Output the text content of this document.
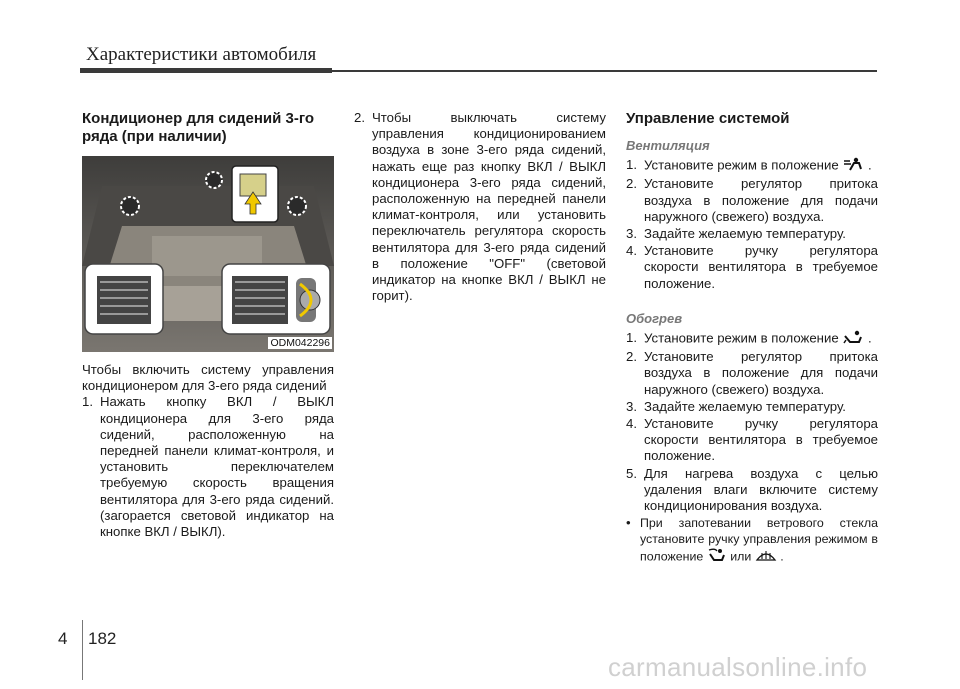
Характеристики автомобиля
Кондиционер для сидений 3-го ряда (при наличии)
ODM042296

Чтобы включить систему управления кондиционером для 3-его ряда сидений

1. Нажать кнопку ВКЛ / ВЫКЛ кондиционера для 3-его ряда сидений, расположенную на передней панели климат-контроля, и установить переключателем требуемую скорость вращения вентилятора для 3-его ряда сидений. (загорается световой индикатор на кнопке ВКЛ / ВЫКЛ).
2. Чтобы выключать систему управления кондиционированием воздуха в зоне 3-его ряда сидений, нажать еще раз кнопку ВКЛ / ВЫКЛ кондиционера 3-его ряда сидений, расположенную на передней панели климат-контроля, или установить переключатель регулятора скорость вентилятора для 3-его ряда сидений в положение "OFF" (световой индикатор на кнопке ВКЛ / ВЫКЛ не горит).
Управление системой
Вентиляция
1. Установите режим в положение .
2. Установите регулятор притока воздуха в положение для подачи наружного (свежего) воздуха.
3. Задайте желаемую температуру.
4. Установите ручку регулятора скорости вентилятора в требуемое положение.
Обогрев
1. Установите режим в положение .
2. Установите регулятор притока воздуха в положение для подачи наружного (свежего) воздуха.
3. Задайте желаемую температуру.
4. Установите ручку регулятора скорости вентилятора в требуемое положение.
5. Для нагрева воздуха с целью удаления влаги включите систему кондиционирования воздуха.
• При запотевании ветрового стекла установите ручку управления режимом в положение или .
4 182
carmanualsonline.info
